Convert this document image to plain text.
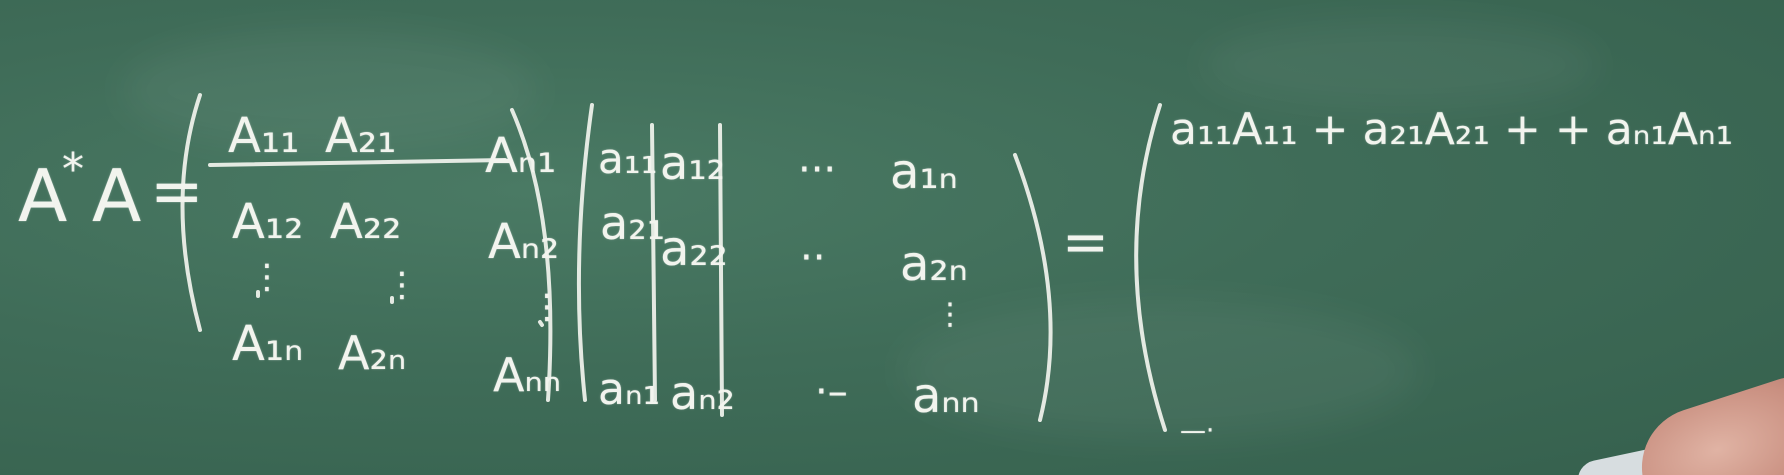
A
* A =
A₁₁ A₂₁ Aₙ₁
A₁₂ A₂₂ Aₙ₂
⋮	⋮
⋮
A₁ₙ A₂ₙ Aₙₙ
a₁₁ a₁₂ ··· a₁ₙ
a₂₁
a₂₂ ·· a₂ₙ
⋮
aₙ₁ aₙ₂ ·– aₙₙ
=
a₁₁A₁₁ + a₂₁A₂₁ + + aₙ₁Aₙ₁
—·
